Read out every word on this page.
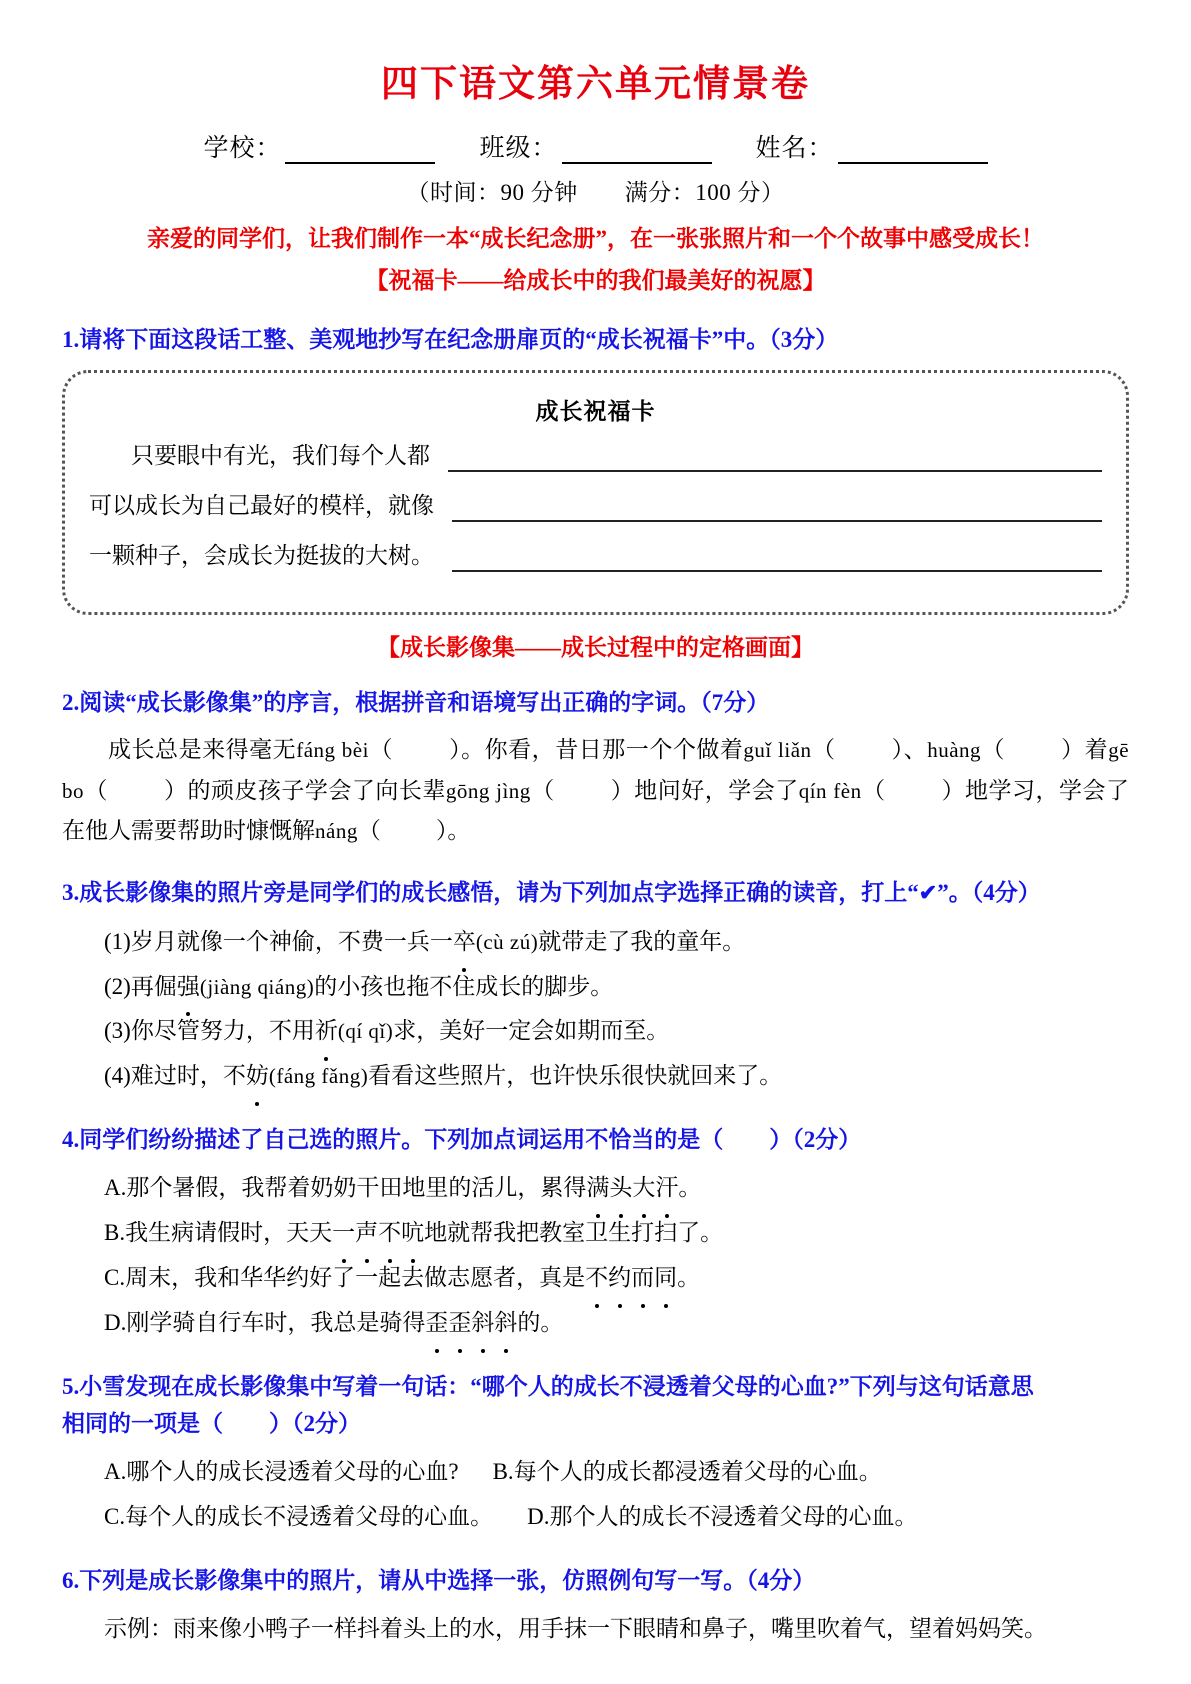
四下语文第六单元情景卷
学校：	班级：	姓名：
（时间：90 分钟　　满分：100 分）
亲爱的同学们，让我们制作一本“成长纪念册”，在一张张照片和一个个故事中感受成长！
【祝福卡——给成长中的我们最美好的祝愿】
1.请将下面这段话工整、美观地抄写在纪念册扉页的“成长祝福卡”中。（3分）
成长祝福卡
只要眼中有光，我们每个人都
可以成长为自己最好的模样，就像
一颗种子，会成长为挺拔的大树。
【成长影像集——成长过程中的定格画面】
2.阅读“成长影像集”的序言，根据拼音和语境写出正确的字词。（7分）
成长总是来得毫无fáng bèi（　　）。你看，昔日那一个个做着guǐ liǎn（　　）、huàng（　　）着gē bo（　　）的顽皮孩子学会了向长辈gōng jìng（　　）地问好，学会了qín fèn（　　）地学习，学会了在他人需要帮助时慷慨解náng（　　）。
3.成长影像集的照片旁是同学们的成长感悟，请为下列加点字选择正确的读音，打上“✔”。（4分）
(1)岁月就像一个神偷，不费一兵一卒(cù zú)就带走了我的童年。
(2)再倔强(jiàng qiáng)的小孩也拖不住成长的脚步。
(3)你尽管努力，不用祈(qí qǐ)求，美好一定会如期而至。
(4)难过时，不妨(fáng fǎng)看看这些照片，也许快乐很快就回来了。
4.同学们纷纷描述了自己选的照片。下列加点词运用不恰当的是（　　）（2分）
A.那个暑假，我帮着奶奶干田地里的活儿，累得满头大汗。
B.我生病请假时，天天一声不吭地就帮我把教室卫生打扫了。
C.周末，我和华华约好了一起去做志愿者，真是不约而同。
D.刚学骑自行车时，我总是骑得歪歪斜斜的。
5.小雪发现在成长影像集中写着一句话：“哪个人的成长不浸透着父母的心血?”下列与这句话意思
相同的一项是（　　）（2分）
A.哪个人的成长浸透着父母的心血? B.每个人的成长都浸透着父母的心血。
C.每个人的成长不浸透着父母的心血。 D.那个人的成长不浸透着父母的心血。
6.下列是成长影像集中的照片，请从中选择一张，仿照例句写一写。（4分）
示例：雨来像小鸭子一样抖着头上的水，用手抹一下眼睛和鼻子，嘴里吹着气，望着妈妈笑。
